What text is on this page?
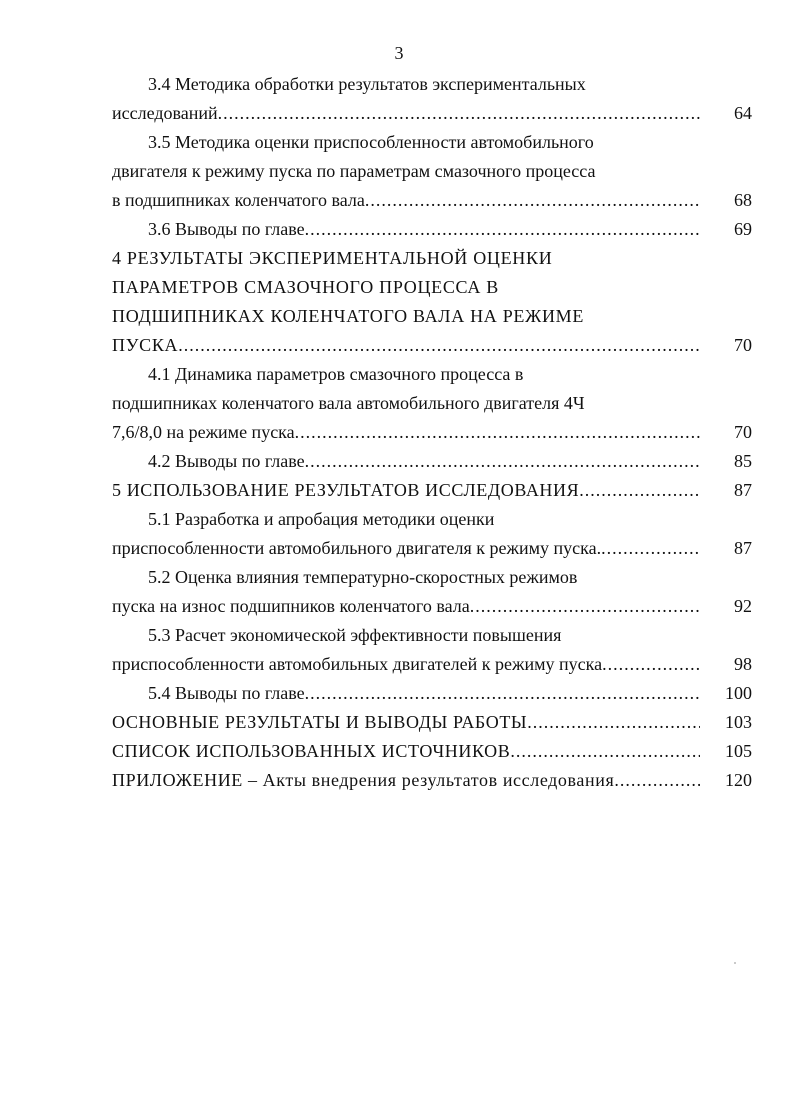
3
3.4 Методика обработки результатов экспериментальных
исследований .....	64
3.5 Методика оценки приспособленности автомобильного
двигателя к режиму пуска по параметрам смазочного процесса
в подшипниках коленчатого вала .....	68
3.6 Выводы по главе .....	69
4 РЕЗУЛЬТАТЫ ЭКСПЕРИМЕНТАЛЬНОЙ ОЦЕНКИ
ПАРАМЕТРОВ СМАЗОЧНОГО ПРОЦЕССА В
ПОДШИПНИКАХ КОЛЕНЧАТОГО ВАЛА НА РЕЖИМЕ
ПУСКА .....	70
4.1 Динамика параметров смазочного процесса в
подшипниках коленчатого вала автомобильного двигателя 4Ч
7,6/8,0 на режиме пуска .....	70
4.2 Выводы по главе .....	85
5 ИСПОЛЬЗОВАНИЕ РЕЗУЛЬТАТОВ ИССЛЕДОВАНИЯ .....	87
5.1 Разработка и апробация методики оценки
приспособленности автомобильного двигателя к режиму пуска. .....	87
5.2 Оценка влияния температурно-скоростных режимов
пуска на износ подшипников коленчатого вала .....	92
5.3 Расчет экономической эффективности повышения
приспособленности автомобильных двигателей к режиму пуска .....	98
5.4 Выводы по главе .....	100
ОСНОВНЫЕ РЕЗУЛЬТАТЫ И ВЫВОДЫ РАБОТЫ .....	103
СПИСОК ИСПОЛЬЗОВАННЫХ ИСТОЧНИКОВ .....	105
ПРИЛОЖЕНИЕ – Акты внедрения результатов исследования .....	120
